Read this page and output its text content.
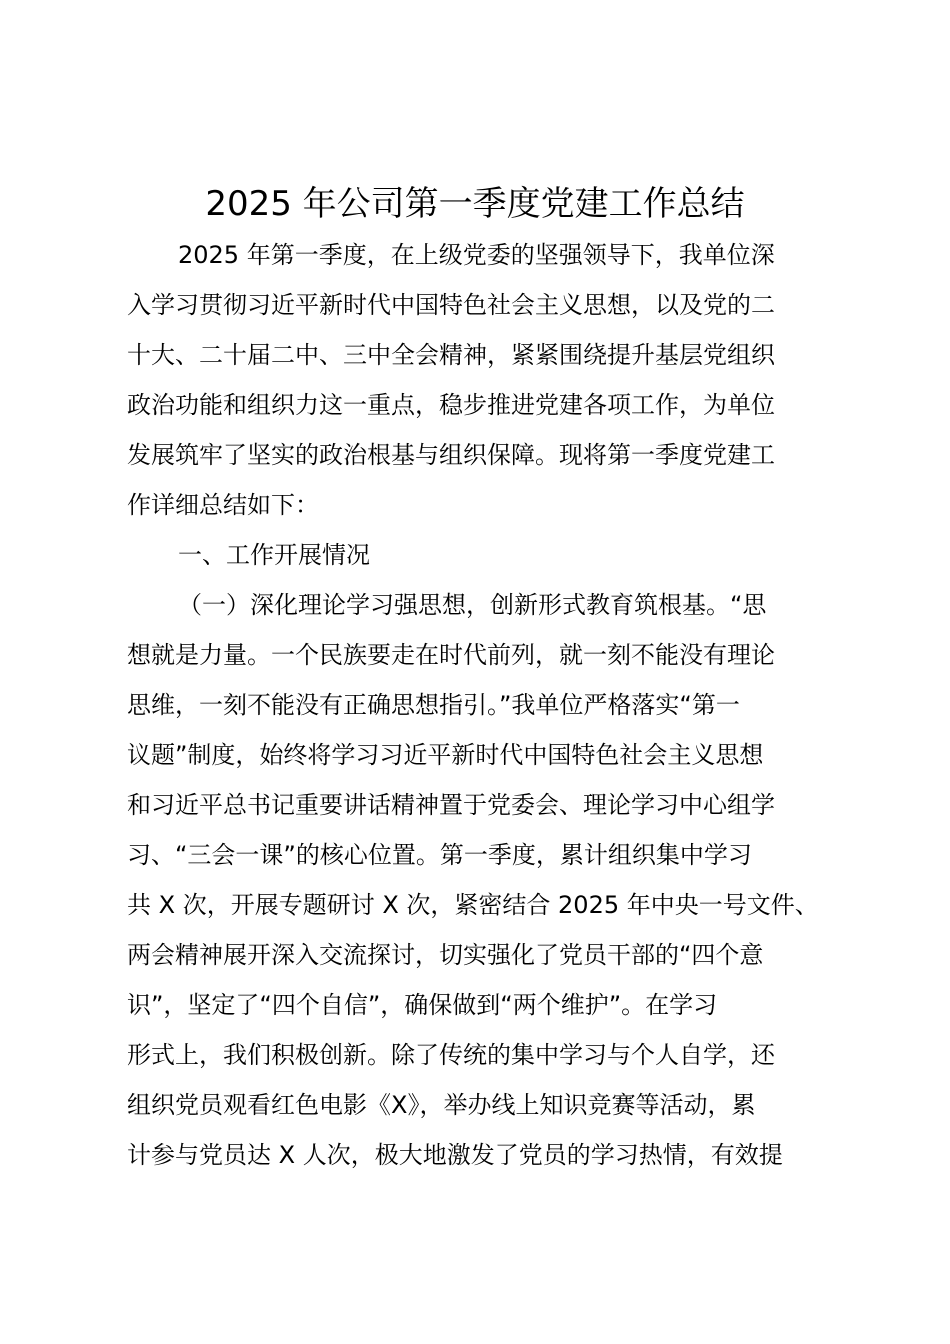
2025 年公司第一季度党建工作总结
2025 年第一季度，在上级党委的坚强领导下，我单位深
入学习贯彻习近平新时代中国特色社会主义思想，以及党的二
十大、二十届二中、三中全会精神，紧紧围绕提升基层党组织
政治功能和组织力这一重点，稳步推进党建各项工作，为单位
发展筑牢了坚实的政治根基与组织保障。现将第一季度党建工
作详细总结如下：
一、工作开展情况
（一）深化理论学习强思想，创新形式教育筑根基。“思
想就是力量。一个民族要走在时代前列，就一刻不能没有理论
思维，一刻不能没有正确思想指引。”我单位严格落实“第一
议题”制度，始终将学习习近平新时代中国特色社会主义思想
和习近平总书记重要讲话精神置于党委会、理论学习中心组学
习、“三会一课”的核心位置。第一季度，累计组织集中学习
共 X 次，开展专题研讨 X 次，紧密结合 2025 年中央一号文件、
两会精神展开深入交流探讨，切实强化了党员干部的“四个意
识”，坚定了“四个自信”，确保做到“两个维护”。在学习
形式上，我们积极创新。除了传统的集中学习与个人自学，还
组织党员观看红色电影《X》，举办线上知识竞赛等活动，累
计参与党员达 X 人次，极大地激发了党员的学习热情，有效提
